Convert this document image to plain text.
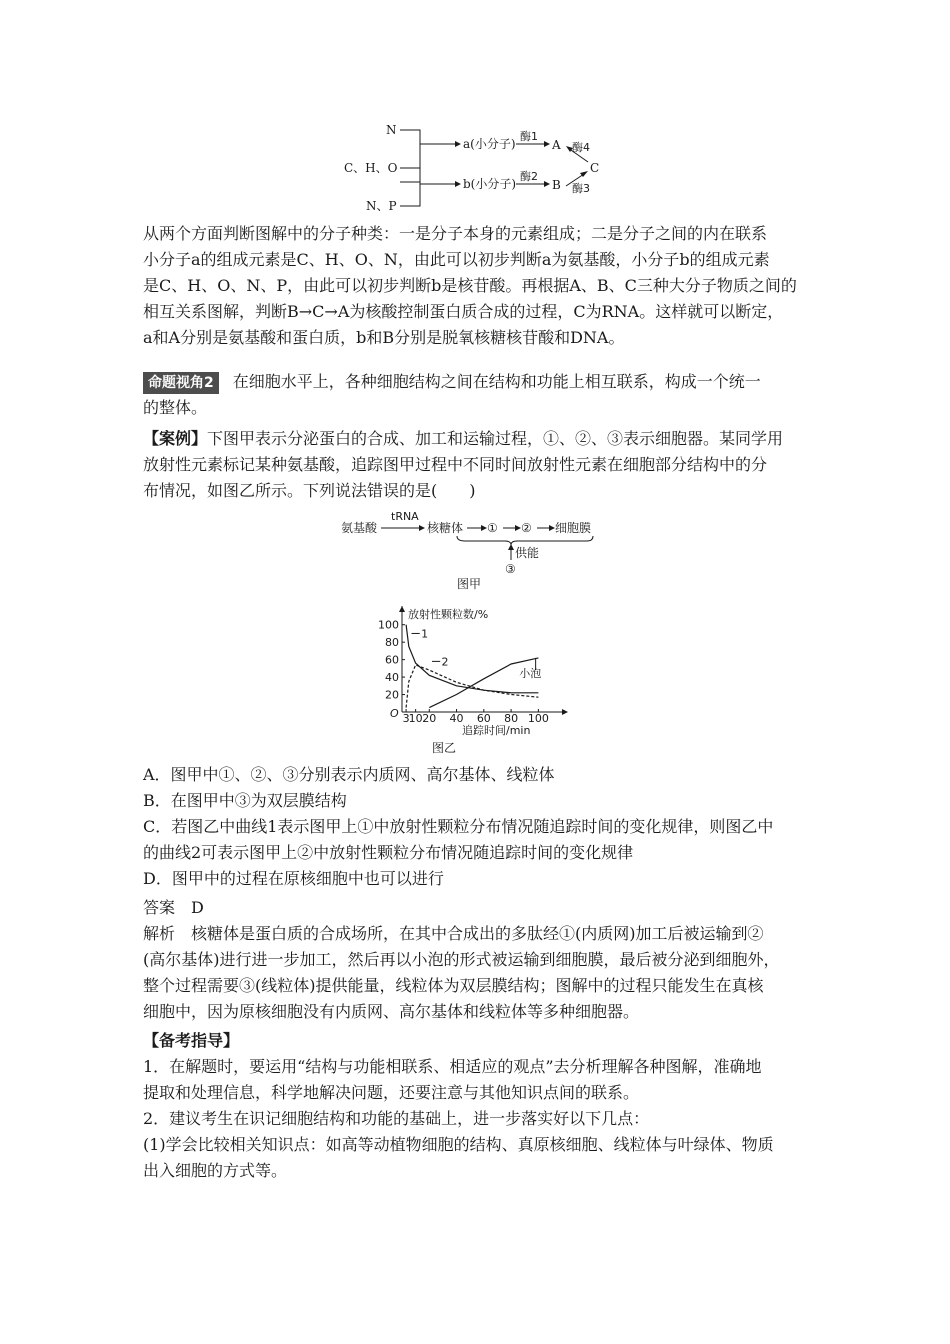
N
C、H、O
N、P
a(小分子)
b(小分子)
酶1
酶2
A
B
C
酶4
酶3
从两个方面判断图解中的分子种类：一是分子本身的元素组成；二是分子之间的内在联系
小分子a的组成元素是C、H、O、N，由此可以初步判断a为氨基酸，小分子b的组成元素
是C、H、O、N、P，由此可以初步判断b是核苷酸。再根据A、B、C三种大分子物质之间的
相互关系图解，判断B→C→A为核酸控制蛋白质合成的过程，C为RNA。这样就可以断定，
a和A分别是氨基酸和蛋白质，b和B分别是脱氧核糖核苷酸和DNA。
命题视角2 在细胞水平上，各种细胞结构之间在结构和功能上相互联系，构成一个统一
的整体。
【案例】下图甲表示分泌蛋白的合成、加工和运输过程，①、②、③表示细胞器。某同学用
放射性元素标记某种氨基酸，追踪图甲过程中不同时间放射性元素在细胞部分结构中的分
布情况，如图乙所示。下列说法错误的是(　　)
氨基酸
tRNA
核糖体 ① ② 细胞膜
供能
③
图甲
放射性颗粒数/%
追踪时间/min
O
100
80
60
40
20
3 10 20 40 60 80 100
1
2
小泡
图乙
A．图甲中①、②、③分别表示内质网、高尔基体、线粒体
B．在图甲中③为双层膜结构
C．若图乙中曲线1表示图甲上①中放射性颗粒分布情况随追踪时间的变化规律，则图乙中
的曲线2可表示图甲上②中放射性颗粒分布情况随追踪时间的变化规律
D．图甲中的过程在原核细胞中也可以进行
答案　D
解析　核糖体是蛋白质的合成场所，在其中合成出的多肽经①(内质网)加工后被运输到②
(高尔基体)进行进一步加工，然后再以小泡的形式被运输到细胞膜，最后被分泌到细胞外，
整个过程需要③(线粒体)提供能量，线粒体为双层膜结构；图解中的过程只能发生在真核
细胞中，因为原核细胞没有内质网、高尔基体和线粒体等多种细胞器。
【备考指导】
1．在解题时，要运用“结构与功能相联系、相适应的观点”去分析理解各种图解，准确地
提取和处理信息，科学地解决问题，还要注意与其他知识点间的联系。
2．建议考生在识记细胞结构和功能的基础上，进一步落实好以下几点：
(1)学会比较相关知识点：如高等动植物细胞的结构、真原核细胞、线粒体与叶绿体、物质
出入细胞的方式等。
